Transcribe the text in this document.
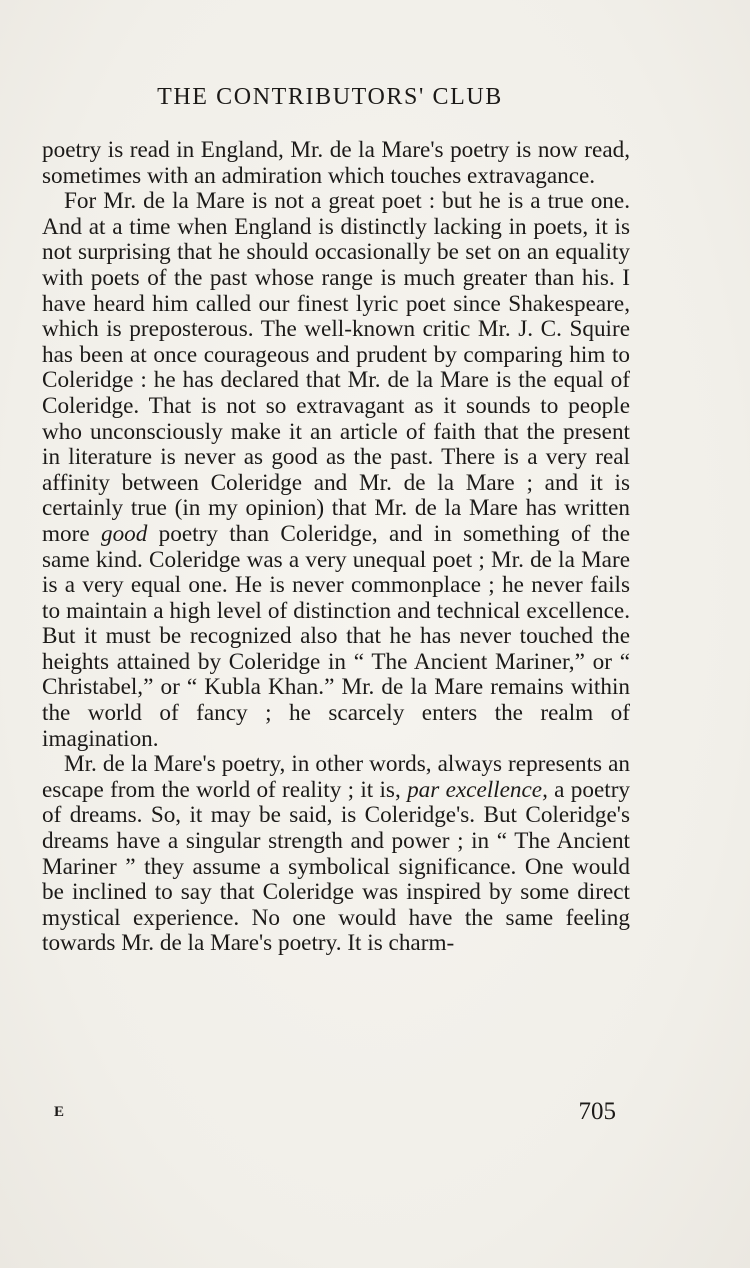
THE CONTRIBUTORS' CLUB

poetry is read in England, Mr. de la Mare's poetry is now read, sometimes with an admiration which touches extravagance.

For Mr. de la Mare is not a great poet : but he is a true one. And at a time when England is distinctly lacking in poets, it is not surprising that he should occasionally be set on an equality with poets of the past whose range is much greater than his. I have heard him called our finest lyric poet since Shakespeare, which is preposterous. The well-known critic Mr. J. C. Squire has been at once courageous and prudent by comparing him to Coleridge : he has declared that Mr. de la Mare is the equal of Coleridge. That is not so extravagant as it sounds to people who unconsciously make it an article of faith that the present in literature is never as good as the past. There is a very real affinity between Coleridge and Mr. de la Mare ; and it is certainly true (in my opinion) that Mr. de la Mare has written more good poetry than Coleridge, and in something of the same kind. Coleridge was a very unequal poet ; Mr. de la Mare is a very equal one. He is never commonplace ; he never fails to maintain a high level of distinction and technical excellence. But it must be recognized also that he has never touched the heights attained by Coleridge in “ The Ancient Mariner,” or “ Christabel,” or “ Kubla Khan.” Mr. de la Mare remains within the world of fancy ; he scarcely enters the realm of imagination.

Mr. de la Mare's poetry, in other words, always represents an escape from the world of reality ; it is, par excellence, a poetry of dreams. So, it may be said, is Coleridge's. But Coleridge's dreams have a singular strength and power ; in “ The Ancient Mariner ” they assume a symbolical significance. One would be inclined to say that Coleridge was inspired by some direct mystical experience. No one would have the same feeling towards Mr. de la Mare's poetry. It is charm-

E	705
